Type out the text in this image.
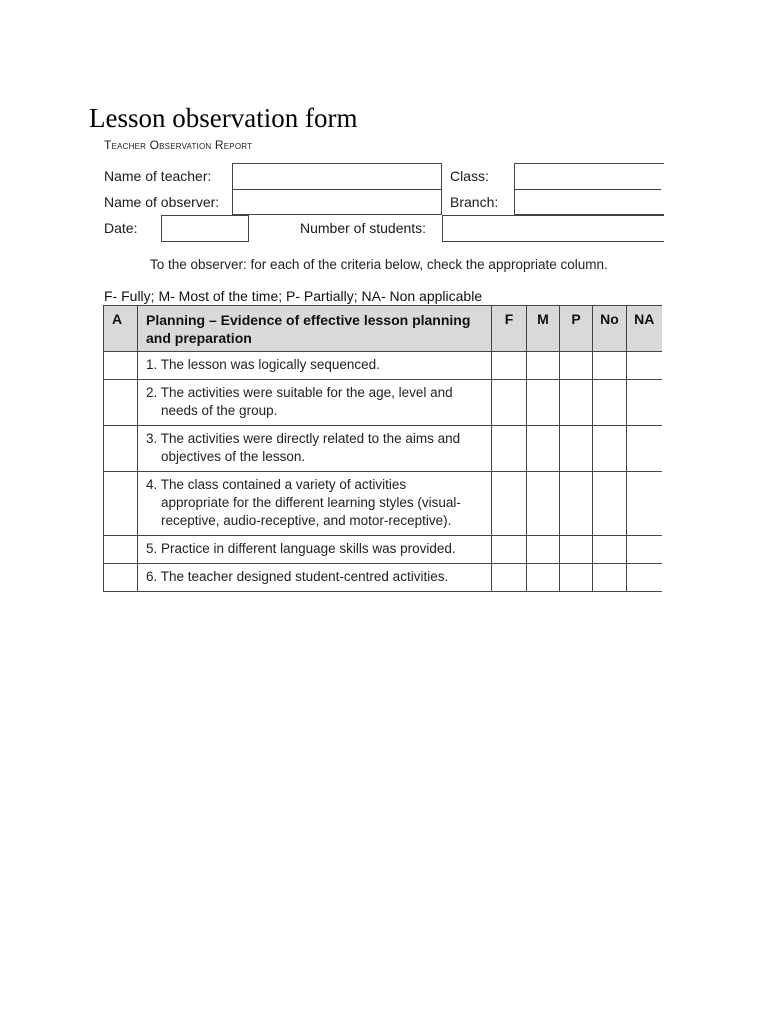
Lesson observation form
Teacher Observation Report
Name of teacher:
Name of observer:
Date:	Number of students:
Class:
Branch:
To the observer: for each of the criteria below, check the appropriate column.
F- Fully; M- Most of the time; P- Partially; NA- Non applicable
A	Planning – Evidence of effective lesson planning and preparation	F	M	P	No	NA
	1. The lesson was logically sequenced.					
	2. The activities were suitable for the age, level and
needs of the group.					

	3. The activities were directly related to the aims and
objectives of the lesson.					

	4. The class contained a variety of activities
appropriate for the different learning styles (visual-
receptive, audio-receptive, and motor-receptive).					

	5. Practice in different language skills was provided.					
	6. The teacher designed student-centred activities.					
